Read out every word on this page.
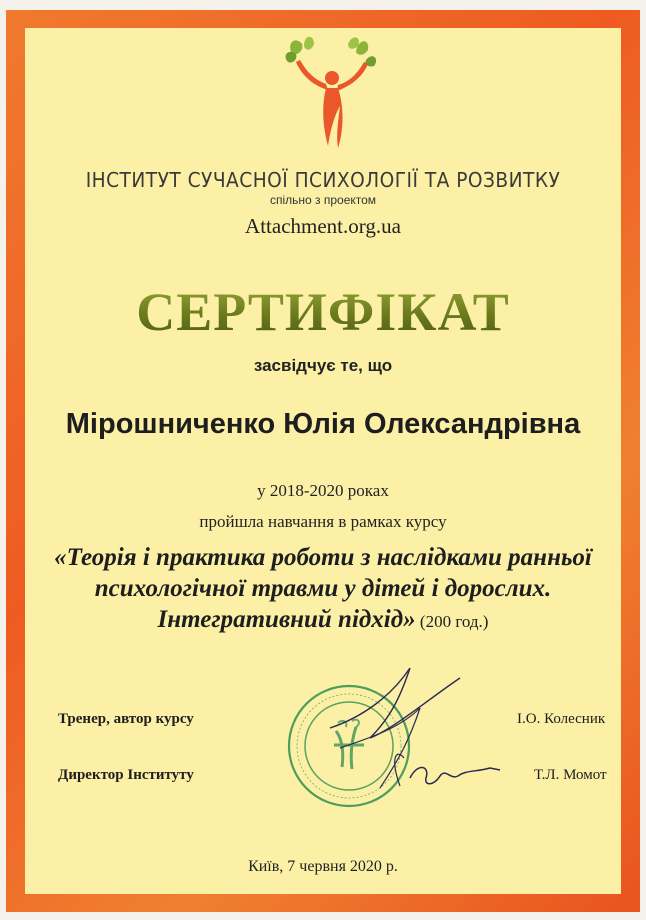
ІНСТИТУТ СУЧАСНОЇ ПСИХОЛОГІЇ ТА РОЗВИТКУ
спільно з проектом
Attachment.org.ua
СЕРТИФІКАТ
засвідчує те, що
Мірошниченко Юлія Олександрівна
у 2018-2020 роках
пройшла навчання в рамках курсу
«Теорія і практика роботи з наслідками ранньої
психологічної травми у дітей і дорослих.
Інтегративний підхід» (200 год.)
Тренер, автор курсу	І.О. Колесник
Директор Інституту	Т.Л. Момот
Київ, 7 червня 2020 р.
